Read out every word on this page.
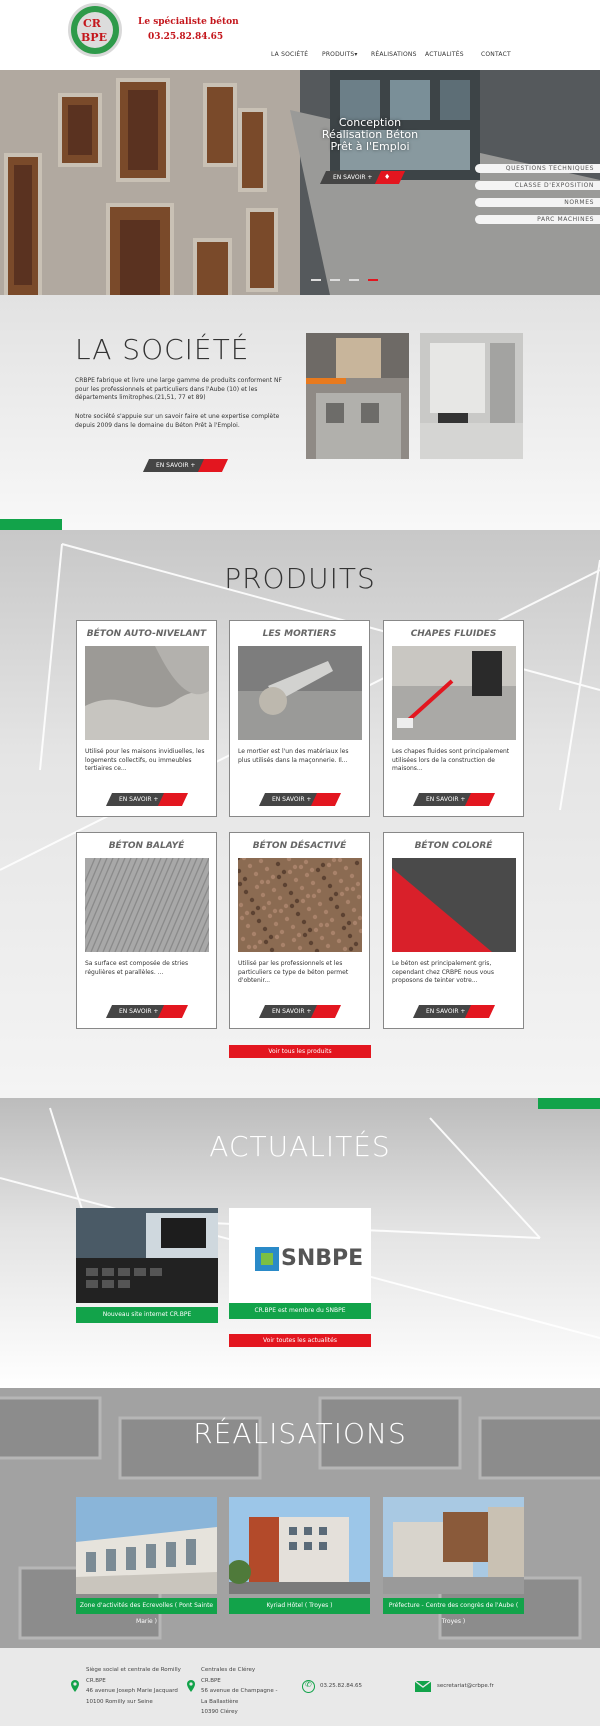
CR
BPE
Le spécialiste béton
03.25.82.84.65
LA SOCIÉTÉ PRODUITS▾ RÉALISATIONS ACTUALITÉS	CONTACT
Conception
Réalisation Béton
Prêt à l'Emploi
EN SAVOIR +	♦
QUESTIONS TECHNIQUES
CLASSE D'EXPOSITION
NORMES
PARC MACHINES
LA SOCIÉTÉ
CRBPE fabrique et livre une large gamme de produits conforment NF pour les professionnels et particuliers dans l'Aube (10) et les départements limitrophes.(21,51, 77 et 89)
Notre société s'appuie sur un savoir faire et une expertise complète depuis 2009 dans le domaine du Béton Prêt à l'Emploi.
EN SAVOIR +
PRODUITS
Voir tous les produits
BÉTON AUTO-NIVELANT
Utilisé pour les maisons invidiuelles, les logements collectifs, ou immeubles tertiaires ce...
EN SAVOIR +
LES MORTIERS
Le mortier est l'un des matériaux les plus utilisés dans la maçonnerie. Il...
EN SAVOIR +
CHAPES FLUIDES
Les chapes fluides sont principalement utilisées lors de la construction de maisons...
EN SAVOIR +
BÉTON BALAYÉ
Sa surface est composée de stries régulières et parallèles. ...
EN SAVOIR +
BÉTON DÉSACTIVÉ
Utilisé par les professionnels et les particuliers ce type de béton permet d'obtenir...
EN SAVOIR +
BÉTON COLORÉ
Le béton est principalement gris, cependant chez CRBPE nous vous proposons de teinter votre...
EN SAVOIR +
ACTUALITÉS
Nouveau site internet CR.BPE
SNBPE
CR.BPE est membre du SNBPE
Voir toutes les actualités
RÉALISATIONS
Zone d'activités des Ecrevolles ( Pont Sainte Marie )
Kyriad Hôtel ( Troyes )	Préfecture - Centre des congrès de l'Aube ( Troyes )
Siège social et centrale de Romilly
CR.BPE
46 avenue Joseph Marie Jacquard
10100 Romilly sur Seine
Centrales de Clérey
CR.BPE
56 avenue de Champagne -
La Ballastière
10390 Clérey
✆ 03.25.82.84.65	secretariat@crbpe.fr
